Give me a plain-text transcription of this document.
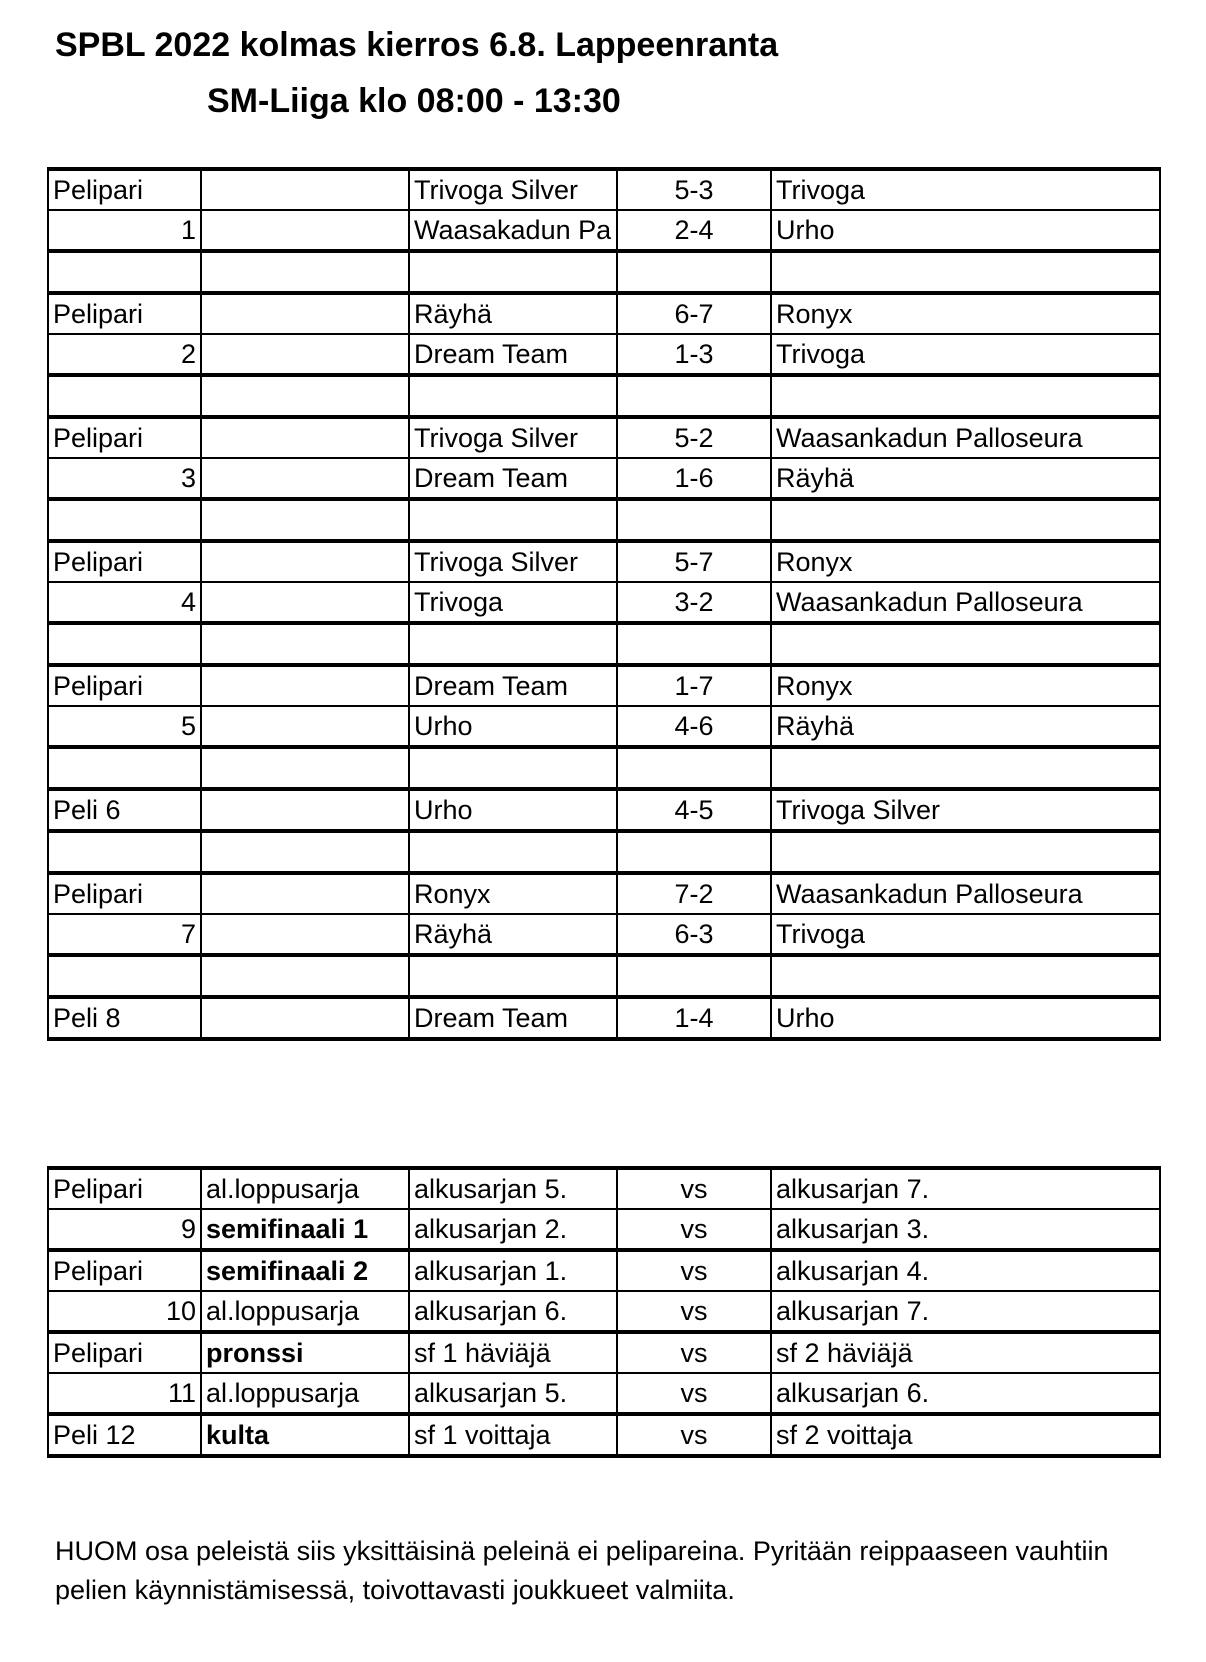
SPBL 2022 kolmas kierros 6.8. Lappeenranta
SM-Liiga klo 08:00 - 13:30
Pelipari		Trivoga Silver	5-3	Trivoga
1		Waasakadun Pa	2-4	Urho

Pelipari		Räyhä	6-7	Ronyx
2		Dream Team	1-3	Trivoga

Pelipari		Trivoga Silver	5-2	Waasankadun Palloseura
3		Dream Team	1-6	Räyhä

Pelipari		Trivoga Silver	5-7	Ronyx
4		Trivoga	3-2	Waasankadun Palloseura

Pelipari		Dream Team	1-7	Ronyx
5		Urho	4-6	Räyhä

Peli 6		Urho	4-5	Trivoga Silver

Pelipari		Ronyx	7-2	Waasankadun Palloseura
7		Räyhä	6-3	Trivoga

Peli 8		Dream Team	1-4	Urho
Pelipari	al.loppusarja	alkusarjan 5.	vs	alkusarjan 7.
9	semifinaali 1	alkusarjan 2.	vs	alkusarjan 3.
Pelipari	semifinaali 2	alkusarjan 1.	vs	alkusarjan 4.
10	al.loppusarja	alkusarjan 6.	vs	alkusarjan 7.
Pelipari	pronssi	sf 1 häviäjä	vs	sf 2 häviäjä
11	al.loppusarja	alkusarjan 5.	vs	alkusarjan 6.
Peli 12	kulta	sf 1 voittaja	vs	sf 2 voittaja
HUOM osa peleistä siis yksittäisinä peleinä ei pelipareina. Pyritään reippaaseen vauhtiin pelien käynnistämisessä, toivottavasti joukkueet valmiita.
